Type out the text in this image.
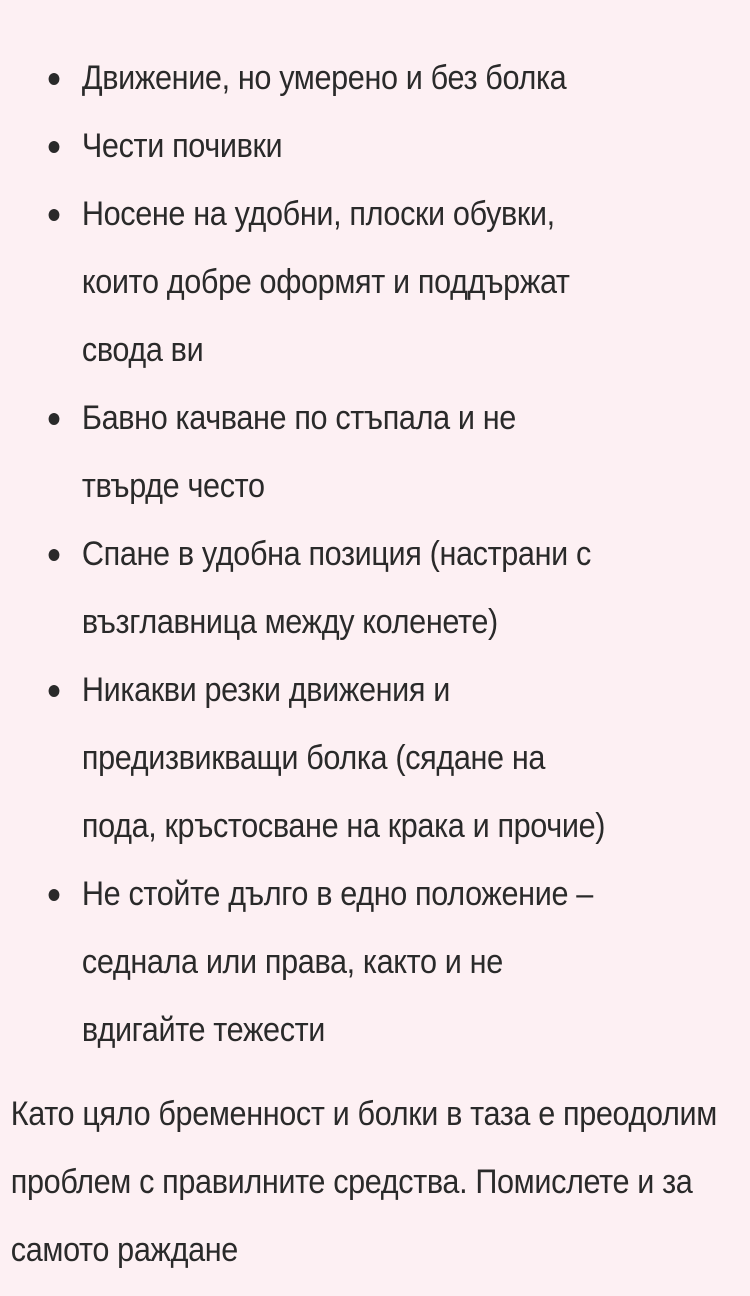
Движение, но умерено и без болка
Чести почивки
Носене на удобни, плоски обувки, които добре оформят и поддържат свода ви
Бавно качване по стъпала и не твърде често
Спане в удобна позиция (настрани с възглавница между коленете)
Никакви резки движения и предизвикващи болка (сядане на пода, кръстосване на крака и прочие)
Не стойте дълго в едно положение – седнала или права, както и не вдигайте тежести

Като цяло бременност и болки в таза е преодолим проблем с правилните средства. Помислете и за самото раждане
